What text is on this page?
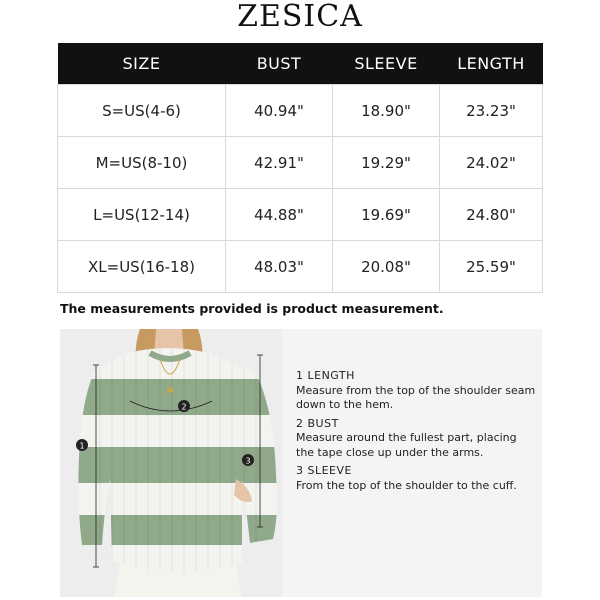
ZESICA
SIZE	BUST	SLEEVE	LENGTH
S=US(4-6)	40.94"	18.90"	23.23"
M=US(8-10)	42.91"	19.29"	24.02"
L=US(12-14)	44.88"	19.69"	24.80"
XL=US(16-18)	48.03"	20.08"	25.59"
The measurements provided is product measurement.
1
2
3
1 LENGTH
Measure from the top of the shoulder seam down to the hem.
2 BUST
Measure around the fullest part, placing the tape close up under the arms.
3 SLEEVE
From the top of the shoulder to the cuff.
